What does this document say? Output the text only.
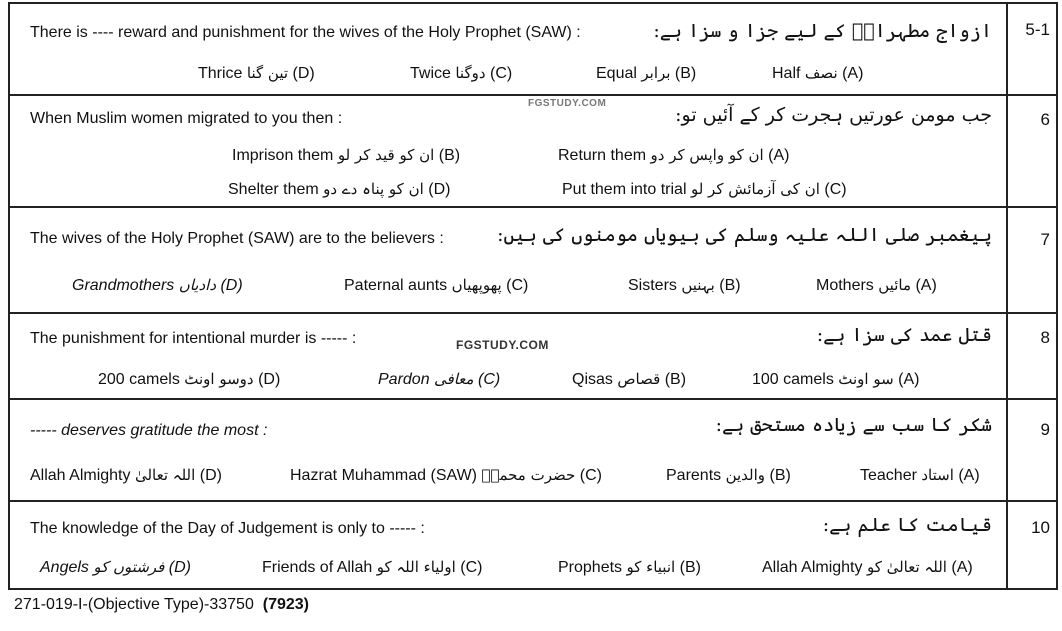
5-1
There is ---- reward and punishment for the wives of the Holy Prophet (SAW) :	ازواج مطہراتؓ کے لیے جزا و سزا ہے:
Half نصف (A)
Equal برابر (B)
Twice دوگنا (C)
Thrice تین گنا (D)
6
When Muslim women migrated to you then :	جب مومن عورتیں ہجرت کر کے آئیں تو:
Return them ان کو واپس کر دو (A)
Imprison them ان کو قید کر لو (B)
Put them into trial ان کی آزمائش کر لو (C)
Shelter them ان کو پناہ دے دو (D)
7
The wives of the Holy Prophet (SAW) are to the believers :	پیغمبر صلی اللہ علیہ وسلم کی بیویاں مومنوں کی ہیں:
Mothers مائیں (A)
Sisters بہنیں (B)
Paternal aunts پھوپھیاں (C)
Grandmothers دادیاں (D)
8
The punishment for intentional murder is ----- :	FGSTUDY.COM	قتل عمد کی سزا ہے:
100 camels سو اونٹ (A)
Qisas قصاص (B)
Pardon معافی (C)
200 camels دوسو اونٹ (D)
9
----- deserves gratitude the most :	شکر کا سب سے زیادہ مستحق ہے:
Teacher استاد (A)
Parents والدین (B)
Hazrat Muhammad (SAW) حضرت محمدؐ (C)
Allah Almighty اللہ تعالیٰ (D)
10
The knowledge of the Day of Judgement is only to ----- :	قیامت کا علم ہے:
Allah Almighty اللہ تعالیٰ کو (A)
Prophets انبیاء کو (B)
Friends of Allah اولیاء اللہ کو (C)
Angels فرشتوں کو (D)
FGSTUDY.COM
271-019-I-(Objective Type)-33750 (7923)
